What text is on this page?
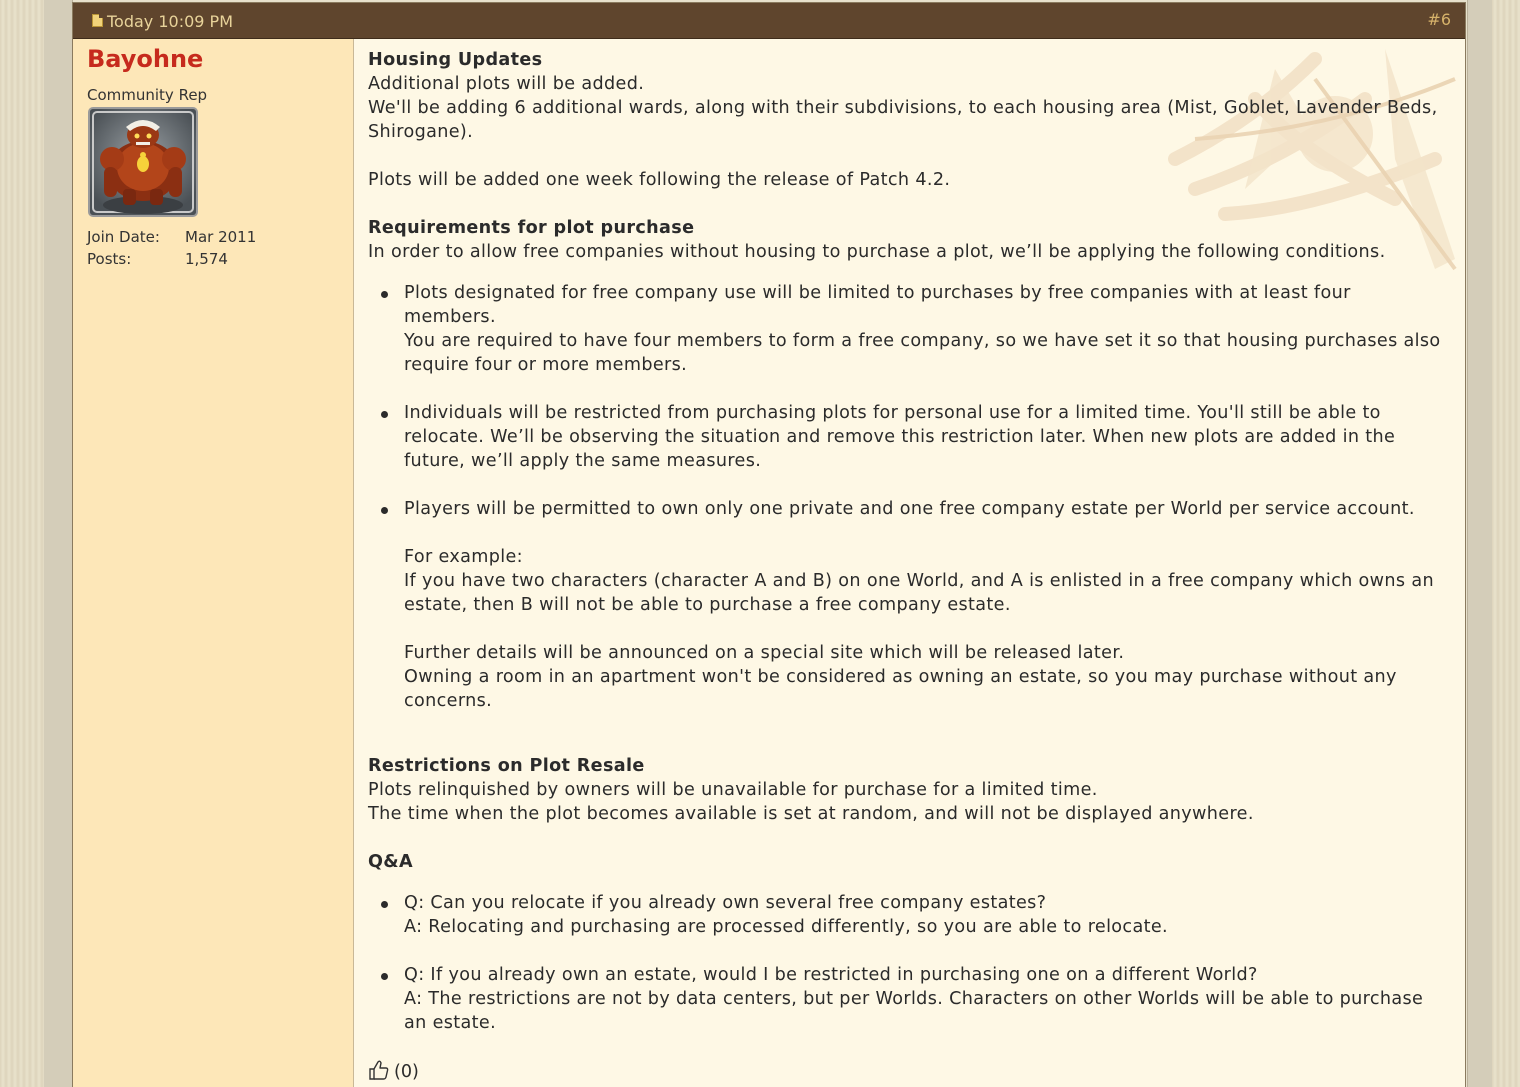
Today 10:09 PM	#6
Bayohne
Community Rep
Join Date: Mar 2011
Posts:	1,574
Housing Updates
Additional plots will be added.
We'll be adding 6 additional wards, along with their subdivisions, to each housing area (Mist, Goblet, Lavender Beds, Shirogane).
Plots will be added one week following the release of Patch 4.2.
Requirements for plot purchase
In order to allow free companies without housing to purchase a plot, we’ll be applying the following conditions.
Plots designated for free company use will be limited to purchases by free companies with at least four members.
You are required to have four members to form a free company, so we have set it so that housing purchases also require four or more members.
Individuals will be restricted from purchasing plots for personal use for a limited time. You'll still be able to relocate. We’ll be observing the situation and remove this restriction later. When new plots are added in the future, we’ll apply the same measures.
Players will be permitted to own only one private and one free company estate per World per service account.
For example:
If you have two characters (character A and B) on one World, and A is enlisted in a free company which owns an estate, then B will not be able to purchase a free company estate.
Further details will be announced on a special site which will be released later.
Owning a room in an apartment won't be considered as owning an estate, so you may purchase without any concerns.
Restrictions on Plot Resale
Plots relinquished by owners will be unavailable for purchase for a limited time.
The time when the plot becomes available is set at random, and will not be displayed anywhere.
Q&A
Q: Can you relocate if you already own several free company estates?
A: Relocating and purchasing are processed differently, so you are able to relocate.
Q: If you already own an estate, would I be restricted in purchasing one on a different World?
A: The restrictions are not by data centers, but per Worlds. Characters on other Worlds will be able to purchase an estate.
(0)
